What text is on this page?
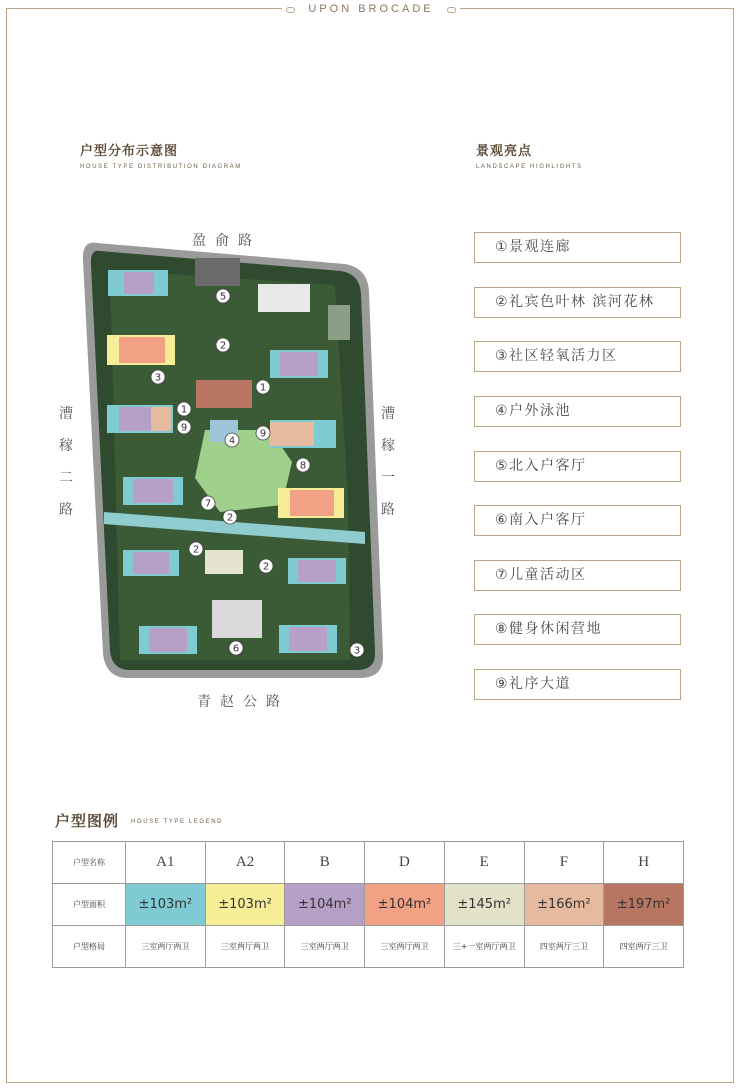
UPON BROCADE
户型分布示意图
HOUSE TYPE DISTRIBUTION DIAGRAM
景观亮点
LANDSCAPE HIGHLIGHTS
盈俞路
青赵公路
漕稼二路
漕稼一路
5
2
1
3
1
9
4
9
8
7
2
2
2
6	3
①景观连廊
②礼宾色叶林 滨河花林
③社区轻氧活力区
④户外泳池
⑤北入户客厅
⑥南入户客厅
⑦儿童活动区
⑧健身休闲营地
⑨礼序大道
户型图例 HOUSE TYPE LEGEND
户型名称	A1	A2	B	D	E	F	H
户型面积	±103m²	±103m²	±104m²	±104m²	±145m²	±166m²	±197m²
户型格局	三室两厅两卫	三室两厅两卫	三室两厅两卫	三室两厅两卫	三+一室两厅两卫	四室两厅三卫	四室两厅三卫
